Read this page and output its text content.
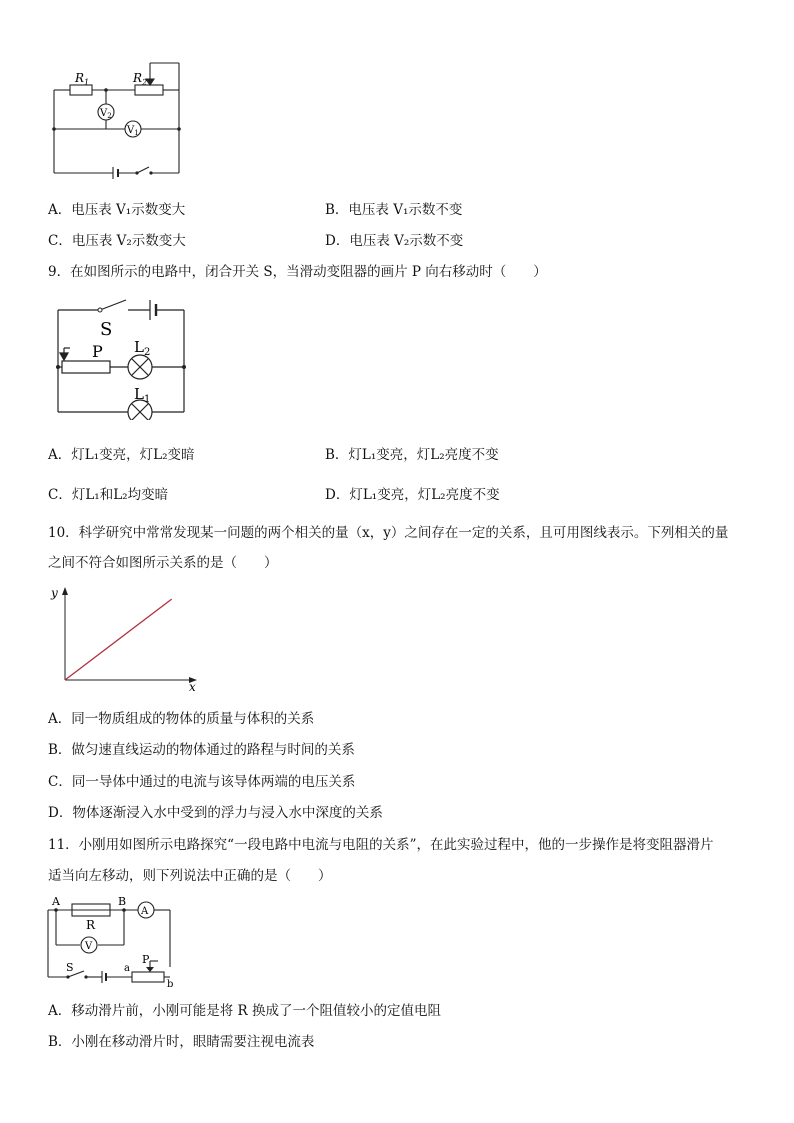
$R_1$	$R_2$
$V_2$
$V_1$
A．电压表 V₁示数变大	B．电压表 V₁示数不变
C．电压表 V₂示数变大	D．电压表 V₂示数不变
9．在如图所示的电路中，闭合开关 S，当滑动变阻器的画片 P 向右移动时（　　）
S
P $L_2$
$L_1$
A．灯L₁变亮，灯L₂变暗	B．灯L₁变亮，灯L₂亮度不变
C．灯L₁和L₂均变暗	D．灯L₁变亮，灯L₂亮度不变
10．科学研究中常常发现某一问题的两个相关的量（x，y）之间存在一定的关系，且可用图线表示。下列相关的量
之间不符合如图所示关系的是（　　）
y
x
A．同一物质组成的物体的质量与体积的关系
B．做匀速直线运动的物体通过的路程与时间的关系
C．同一导体中通过的电流与该导体两端的电压关系
D．物体逐渐浸入水中受到的浮力与浸入水中深度的关系
11．小刚用如图所示电路探究“一段电路中电流与电阻的关系”，在此实验过程中，他的一步操作是将变阻器滑片
适当向左移动，则下列说法中正确的是（　　）
A	B
R
A
V
S
P
a
b
A．移动滑片前，小刚可能是将 R 换成了一个阻值较小的定值电阻
B．小刚在移动滑片时，眼睛需要注视电流表
